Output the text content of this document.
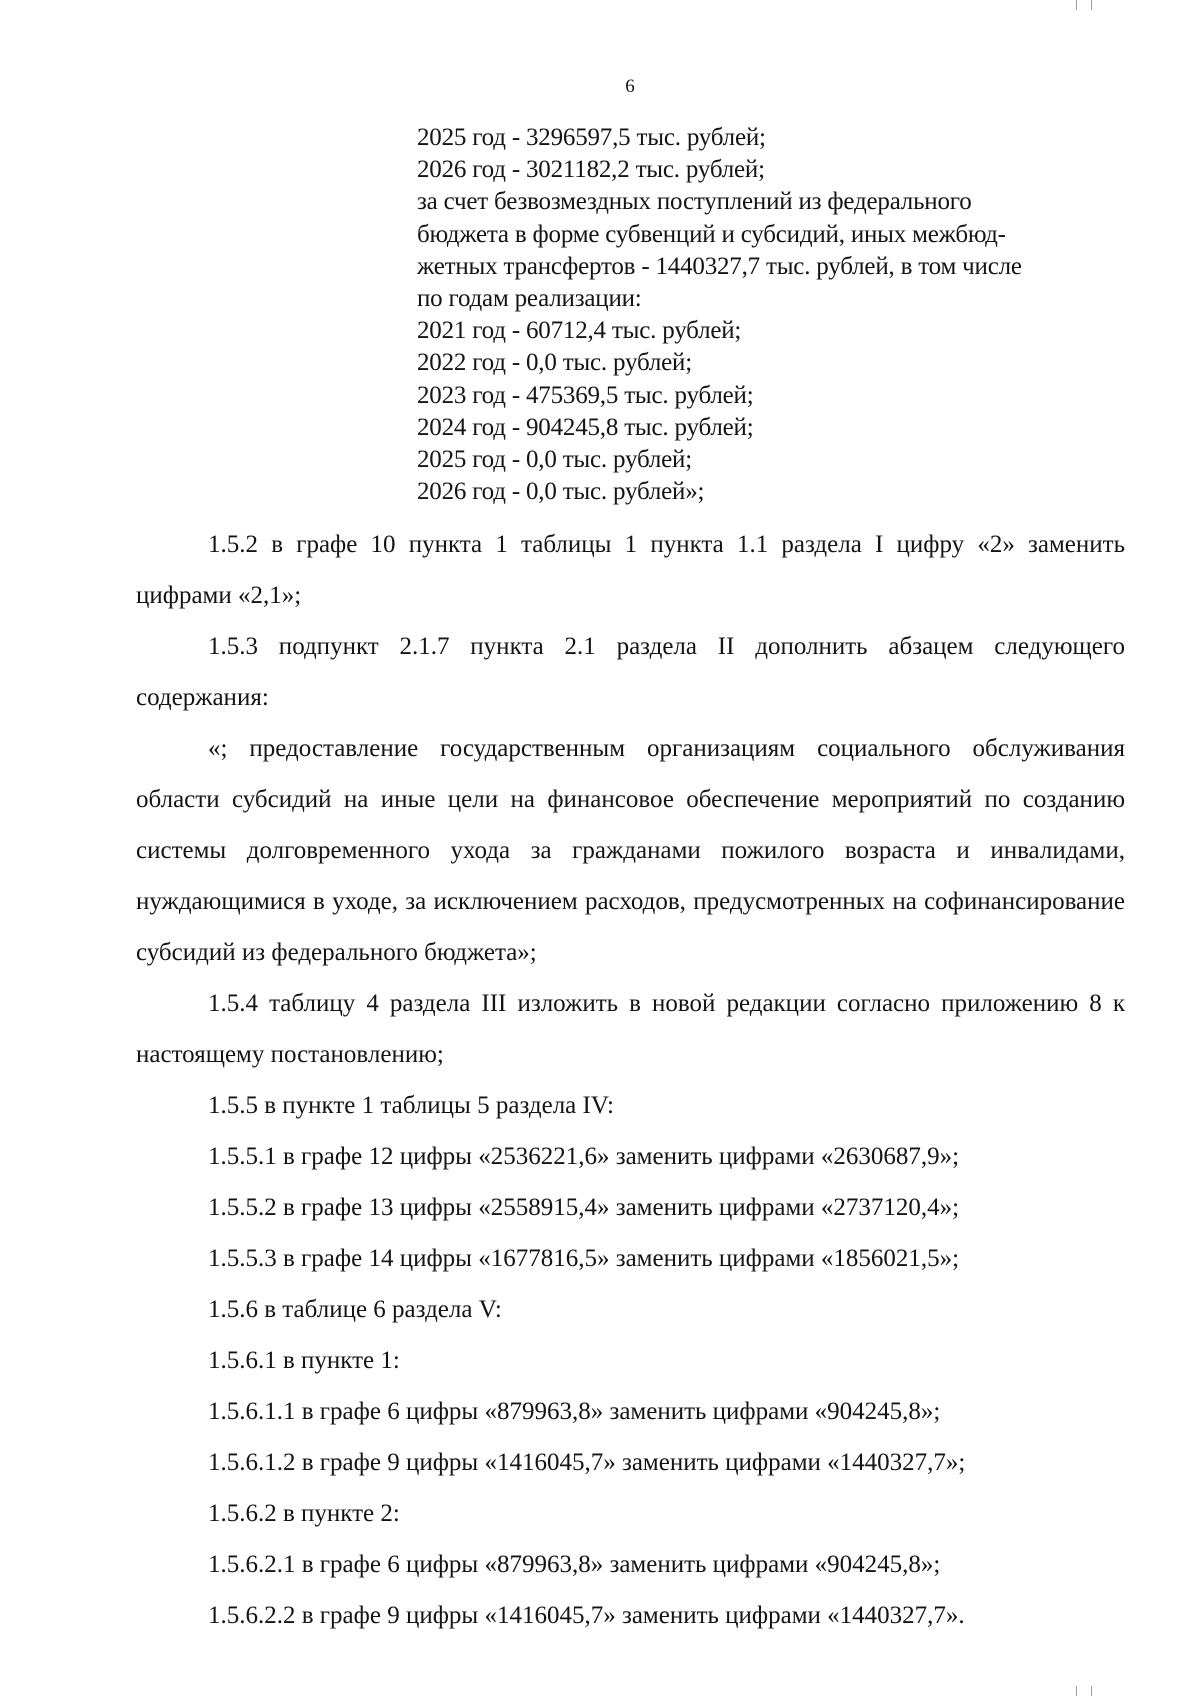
6
2025 год - 3296597,5 тыс. рублей;
2026 год - 3021182,2 тыс. рублей;
за счет безвозмездных поступлений из федерального
бюджета в форме субвенций и субсидий, иных межбюд-
жетных трансфертов - 1440327,7 тыс. рублей, в том числе
по годам реализации:
2021 год - 60712,4 тыс. рублей;
2022 год - 0,0 тыс. рублей;
2023 год - 475369,5 тыс. рублей;
2024 год - 904245,8 тыс. рублей;
2025 год - 0,0 тыс. рублей;
2026 год - 0,0 тыс. рублей»;

1.5.2 в графе 10 пункта 1 таблицы 1 пункта 1.1 раздела I цифру «2» заменить цифрами «2,1»;

1.5.3 подпункт 2.1.7 пункта 2.1 раздела II дополнить абзацем следующего содержания:

«; предоставление государственным организациям социального обслуживания области субсидий на иные цели на финансовое обеспечение мероприятий по созданию системы долговременного ухода за гражданами пожилого возраста и инвалидами, нуждающимися в уходе, за исключением расходов, предусмотренных на софинансирование субсидий из федерального бюджета»;

1.5.4 таблицу 4 раздела III изложить в новой редакции согласно приложению 8 к настоящему постановлению;

1.5.5 в пункте 1 таблицы 5 раздела IV:

1.5.5.1 в графе 12 цифры «2536221,6» заменить цифрами «2630687,9»;

1.5.5.2 в графе 13 цифры «2558915,4» заменить цифрами «2737120,4»;

1.5.5.3 в графе 14 цифры «1677816,5» заменить цифрами «1856021,5»;

1.5.6 в таблице 6 раздела V:

1.5.6.1 в пункте 1:

1.5.6.1.1 в графе 6 цифры «879963,8» заменить цифрами «904245,8»;

1.5.6.1.2 в графе 9 цифры «1416045,7» заменить цифрами «1440327,7»;

1.5.6.2 в пункте 2:

1.5.6.2.1 в графе 6 цифры «879963,8» заменить цифрами «904245,8»;

1.5.6.2.2 в графе 9 цифры «1416045,7» заменить цифрами «1440327,7».
